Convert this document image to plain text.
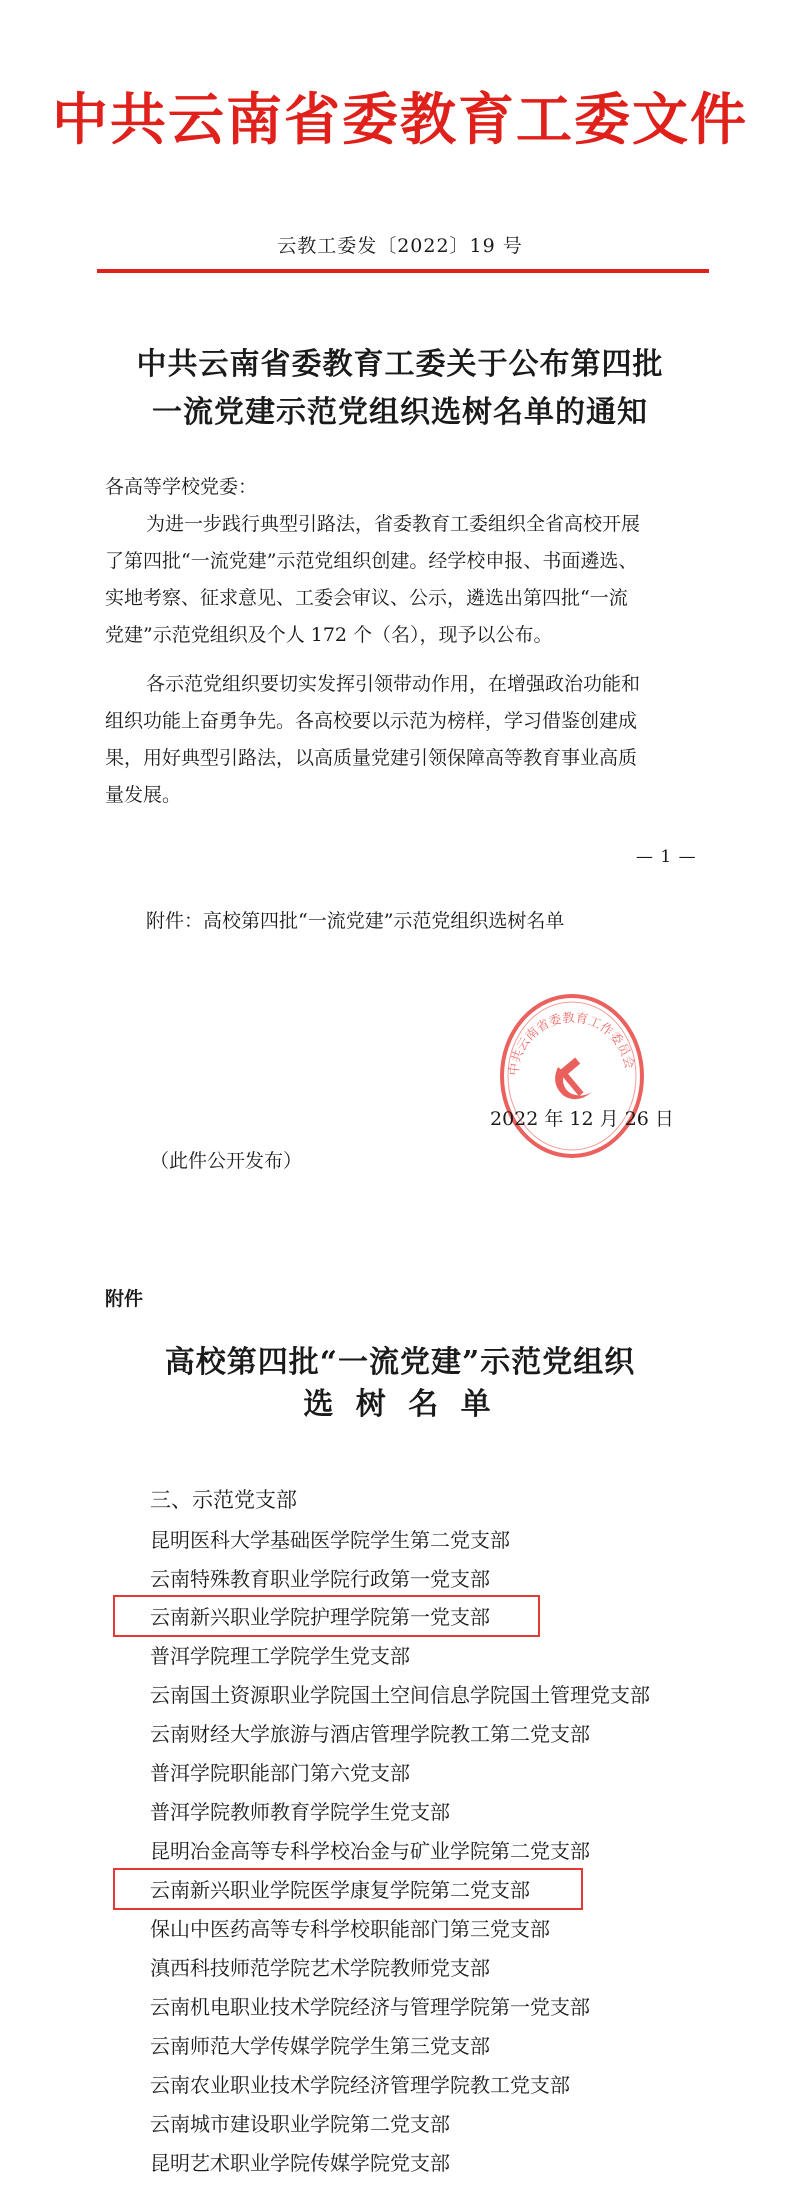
中共云南省委教育工委文件
云教工委发〔2022〕19 号
中共云南省委教育工委关于公布第四批
一流党建示范党组织选树名单的通知
各高等学校党委：
为进一步践行典型引路法，省委教育工委组织全省高校开展
了第四批“一流党建”示范党组织创建。经学校申报、书面遴选、
实地考察、征求意见、工委会审议、公示，遴选出第四批“一流
党建”示范党组织及个人 172 个（名），现予以公布。
各示范党组织要切实发挥引领带动作用，在增强政治功能和
组织功能上奋勇争先。各高校要以示范为榜样，学习借鉴创建成
果，用好典型引路法，以高质量党建引领保障高等教育事业高质
量发展。
— 1 —
附件：高校第四批“一流党建”示范党组织选树名单
中共云南省委教育工作委员会
2022 年 12 月 26 日
（此件公开发布）
附件
高校第四批“一流党建”示范党组织
选 树 名 单
三、示范党支部
昆明医科大学基础医学院学生第二党支部
云南特殊教育职业学院行政第一党支部
云南新兴职业学院护理学院第一党支部
普洱学院理工学院学生党支部
云南国土资源职业学院国土空间信息学院国土管理党支部
云南财经大学旅游与酒店管理学院教工第二党支部
普洱学院职能部门第六党支部
普洱学院教师教育学院学生党支部
昆明冶金高等专科学校冶金与矿业学院第二党支部
云南新兴职业学院医学康复学院第二党支部
保山中医药高等专科学校职能部门第三党支部
滇西科技师范学院艺术学院教师党支部
云南机电职业技术学院经济与管理学院第一党支部
云南师范大学传媒学院学生第三党支部
云南农业职业技术学院经济管理学院教工党支部
云南城市建设职业学院第二党支部
昆明艺术职业学院传媒学院党支部
